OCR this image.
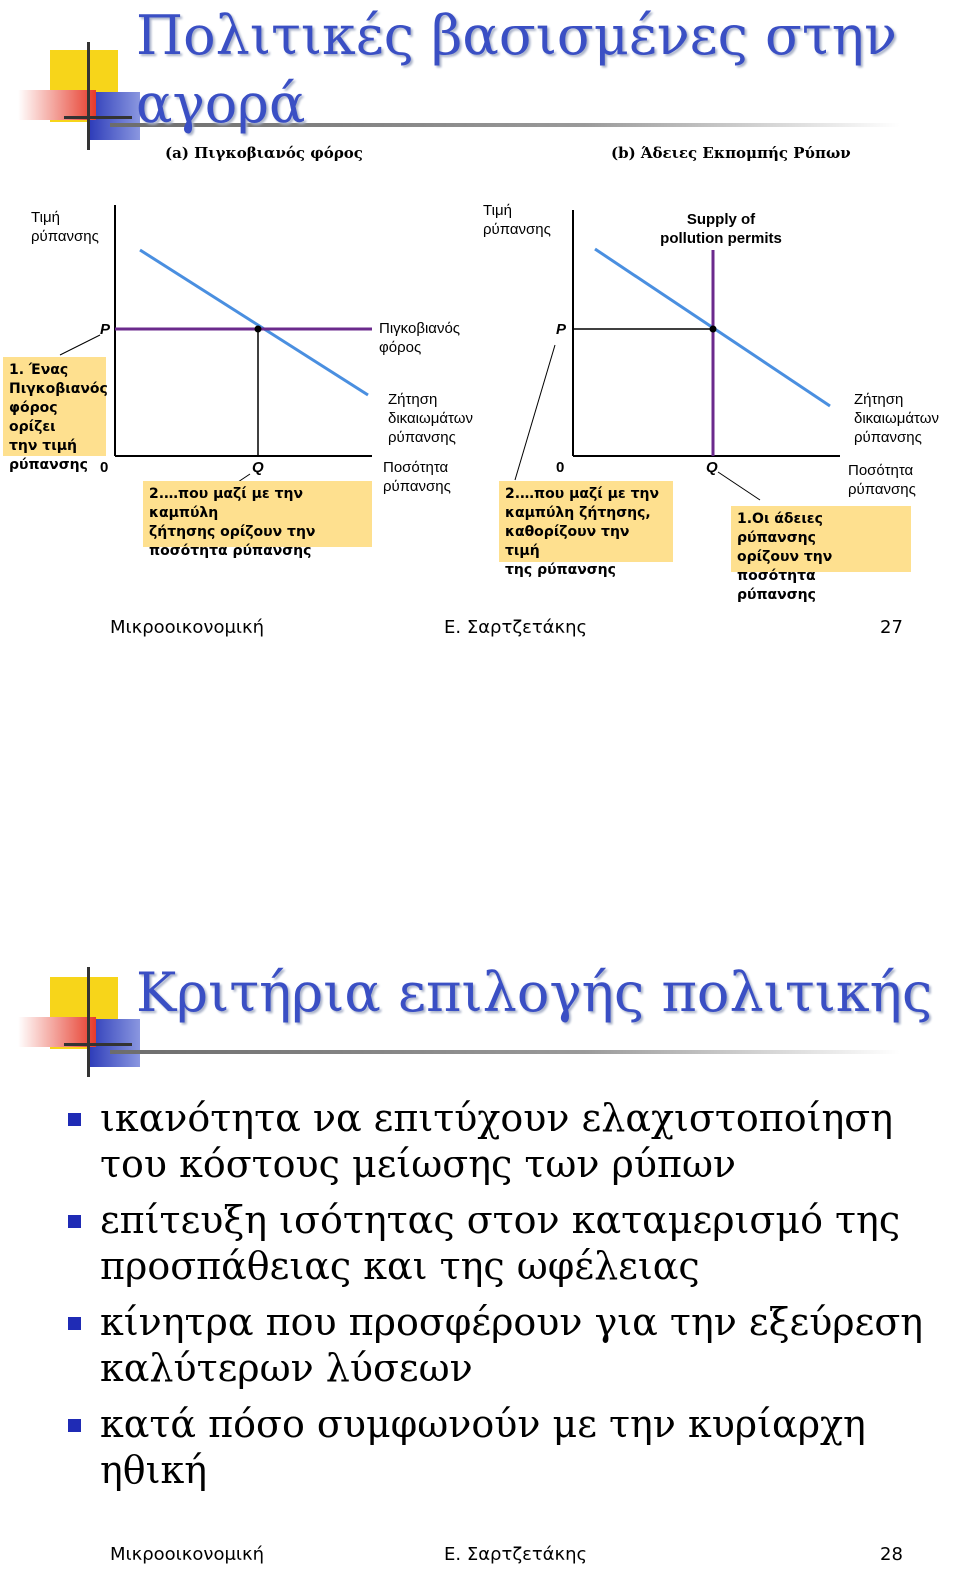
Πολιτικές βασισμένες στην αγορά
(a) Πιγκοβιανός φόρος	(b) Άδειες Εκπομπής Ρύπων
Τιμή
ρύπανσης
P
0	Q
Πιγκοβιανός
φόρος
Ζήτηση
δικαιωμάτων
ρύπανσης
Ποσότητα
ρύπανσης
1. Ένας
Πιγκοβιανός
φόρος ορίζει
την τιμή
ρύπανσης
2.…που μαζί με την καμπύλη
ζήτησης ορίζουν την
ποσότητα ρύπανσης
Τιμή
ρύπανσης
Supply of
pollution permits
P
0	Q
Ζήτηση
δικαιωμάτων
ρύπανσης
Ποσότητα
ρύπανσης
2.…που μαζί με την
καμπύλη ζήτησης,
καθορίζουν την τιμή
της ρύπανσης
1.Οι άδειες ρύπανσης
ορίζουν την ποσότητα
ρύπανσης
Μικροοικονομική	Ε. Σαρτζετάκης	27
Κριτήρια επιλογής πολιτικής
ικανότητα να επιτύχουν ελαχιστοποίηση του κόστους μείωσης των ρύπων
επίτευξη ισότητας στον καταμερισμό της προσπάθειας και της ωφέλειας
κίνητρα που προσφέρουν για την εξεύρεση καλύτερων λύσεων
κατά πόσο συμφωνούν με την κυρίαρχη ηθική
Μικροοικονομική	Ε. Σαρτζετάκης	28
